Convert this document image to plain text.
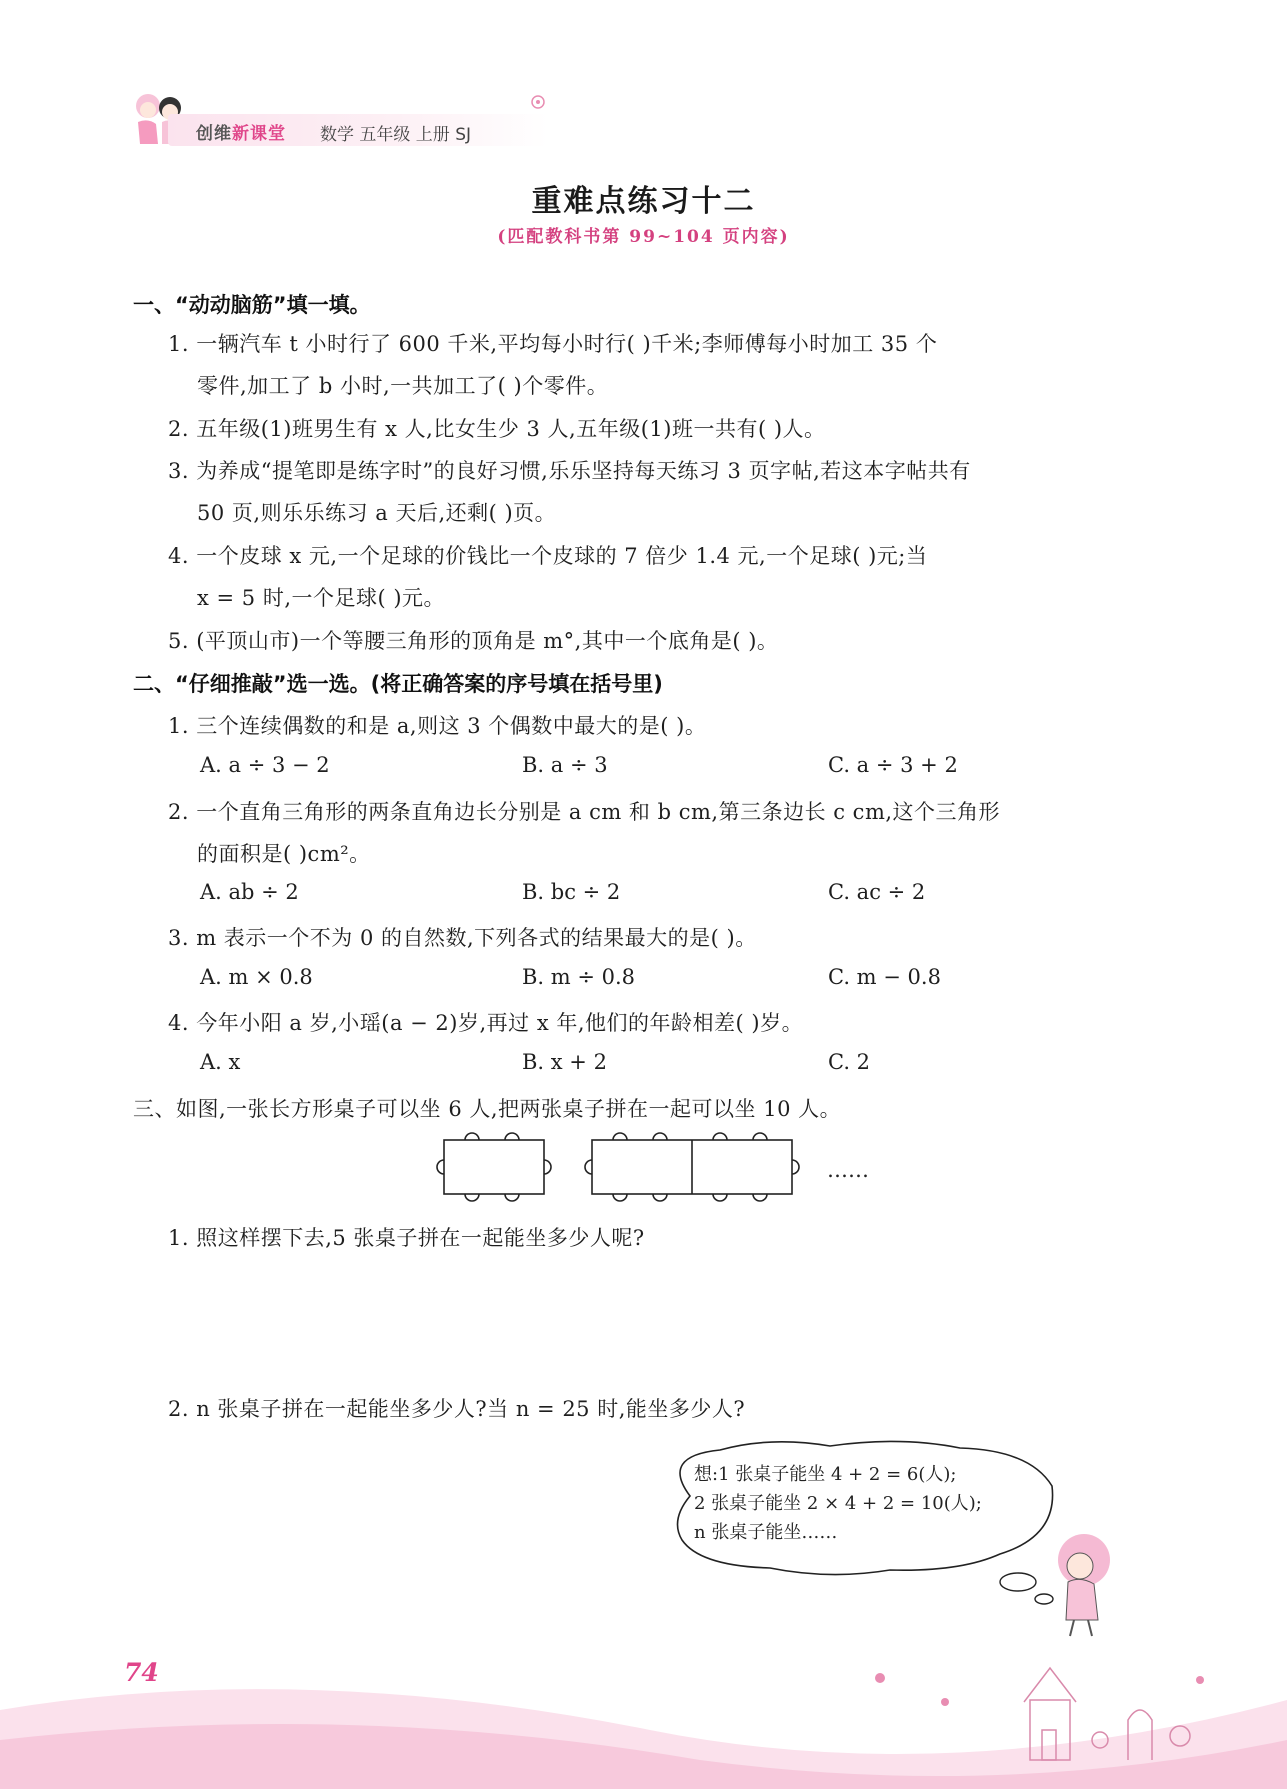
创维新课堂 数学 五年级 上册 SJ
重难点练习十二
(匹配教科书第 99~104 页内容)
一、“动动脑筋”填一填。
1. 一辆汽车 t 小时行了 600 千米,平均每小时行( )千米;李师傅每小时加工 35 个
零件,加工了 b 小时,一共加工了( )个零件。
2. 五年级(1)班男生有 x 人,比女生少 3 人,五年级(1)班一共有( )人。
3. 为养成“提笔即是练字时”的良好习惯,乐乐坚持每天练习 3 页字帖,若这本字帖共有
50 页,则乐乐练习 a 天后,还剩( )页。
4. 一个皮球 x 元,一个足球的价钱比一个皮球的 7 倍少 1.4 元,一个足球( )元;当
x = 5 时,一个足球( )元。
5. (平顶山市)一个等腰三角形的顶角是 m°,其中一个底角是( )。
二、“仔细推敲”选一选。(将正确答案的序号填在括号里)
1. 三个连续偶数的和是 a,则这 3 个偶数中最大的是( )。
A. a ÷ 3 − 2	B. a ÷ 3	C. a ÷ 3 + 2
2. 一个直角三角形的两条直角边长分别是 a cm 和 b cm,第三条边长 c cm,这个三角形
的面积是( )cm²。
A. ab ÷ 2	B. bc ÷ 2	C. ac ÷ 2
3. m 表示一个不为 0 的自然数,下列各式的结果最大的是( )。
A. m × 0.8	B. m ÷ 0.8	C. m − 0.8
4. 今年小阳 a 岁,小瑶(a − 2)岁,再过 x 年,他们的年龄相差( )岁。
A. x	B. x + 2	C. 2
三、如图,一张长方形桌子可以坐 6 人,把两张桌子拼在一起可以坐 10 人。
……
1. 照这样摆下去,5 张桌子拼在一起能坐多少人呢?
2. n 张桌子拼在一起能坐多少人?当 n = 25 时,能坐多少人?
想:1 张桌子能坐 4 + 2 = 6(人);
2 张桌子能坐 2 × 4 + 2 = 10(人);
n 张桌子能坐……
74
